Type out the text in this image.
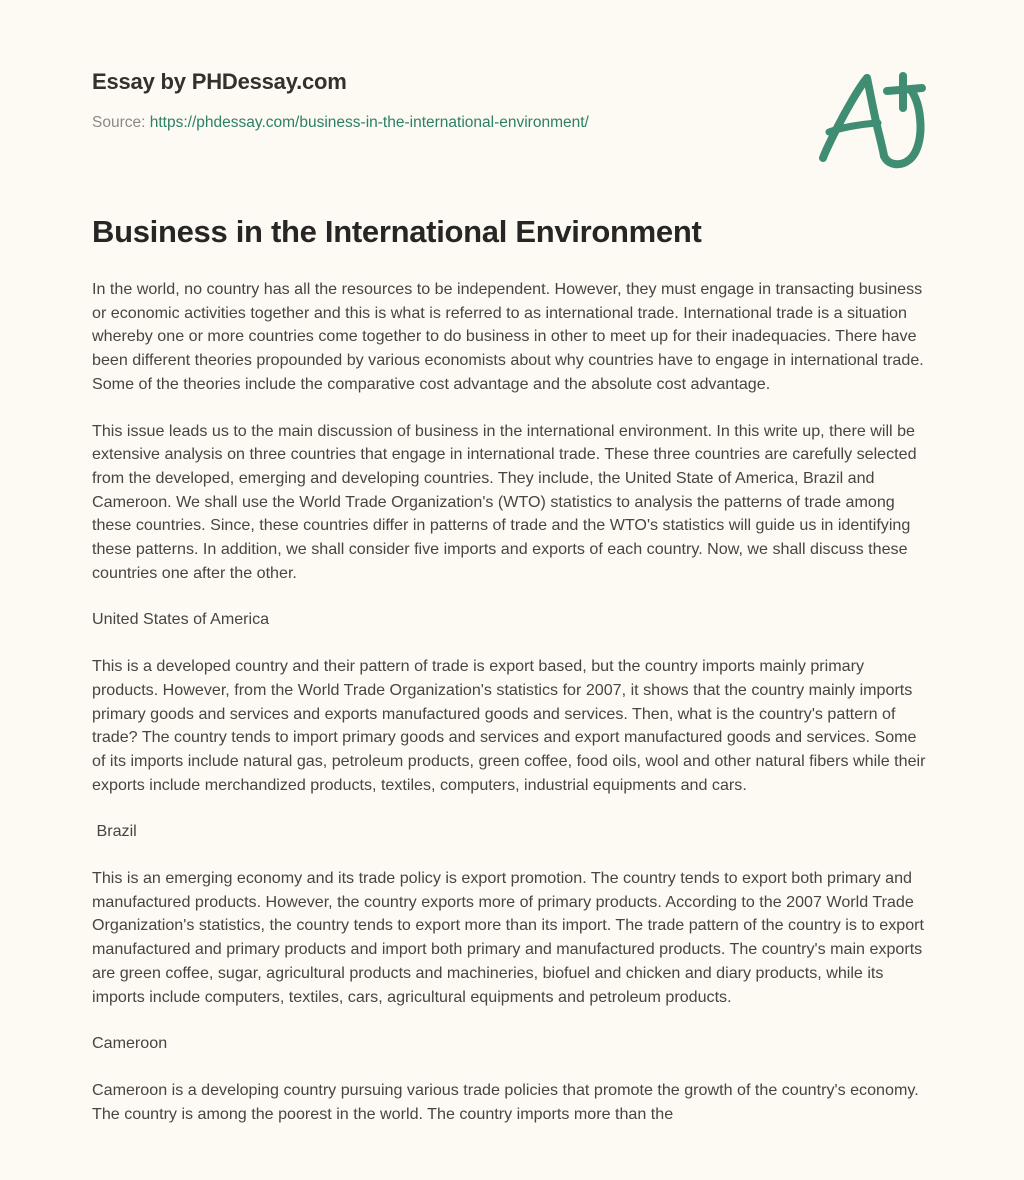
Essay by PHDessay.com
Source: https://phdessay.com/business-in-the-international-environment/
Business in the International Environment

In the world, no country has all the resources to be independent. However, they must engage in transacting business or economic activities together and this is what is referred to as international trade. International trade is a situation whereby one or more countries come together to do business in other to meet up for their inadequacies. There have been different theories propounded by various economists about why countries have to engage in international trade. Some of the theories include the comparative cost advantage and the absolute cost advantage.

This issue leads us to the main discussion of business in the international environment. In this write up, there will be extensive analysis on three countries that engage in international trade. These three countries are carefully selected from the developed, emerging and developing countries. They include, the United State of America, Brazil and Cameroon. We shall use the World Trade Organization's (WTO) statistics to analysis the patterns of trade among these countries. Since, these countries differ in patterns of trade and the WTO's statistics will guide us in identifying these patterns. In addition, we shall consider five imports and exports of each country. Now, we shall discuss these countries one after the other.

United States of America

This is a developed country and their pattern of trade is export based, but the country imports mainly primary products. However, from the World Trade Organization's statistics for 2007, it shows that the country mainly imports primary goods and services and exports manufactured goods and services. Then, what is the country's pattern of trade? The country tends to import primary goods and services and export manufactured goods and services. Some of its imports include natural gas, petroleum products, green coffee, food oils, wool and other natural fibers while their exports include merchandized products, textiles, computers, industrial equipments and cars.

Brazil

This is an emerging economy and its trade policy is export promotion. The country tends to export both primary and manufactured products. However, the country exports more of primary products. According to the 2007 World Trade Organization's statistics, the country tends to export more than its import. The trade pattern of the country is to export manufactured and primary products and import both primary and manufactured products. The country's main exports are green coffee, sugar, agricultural products and machineries, biofuel and chicken and diary products, while its imports include computers, textiles, cars, agricultural equipments and petroleum products.

Cameroon

Cameroon is a developing country pursuing various trade policies that promote the growth of the country's economy. The country is among the poorest in the world. The country imports more than the
